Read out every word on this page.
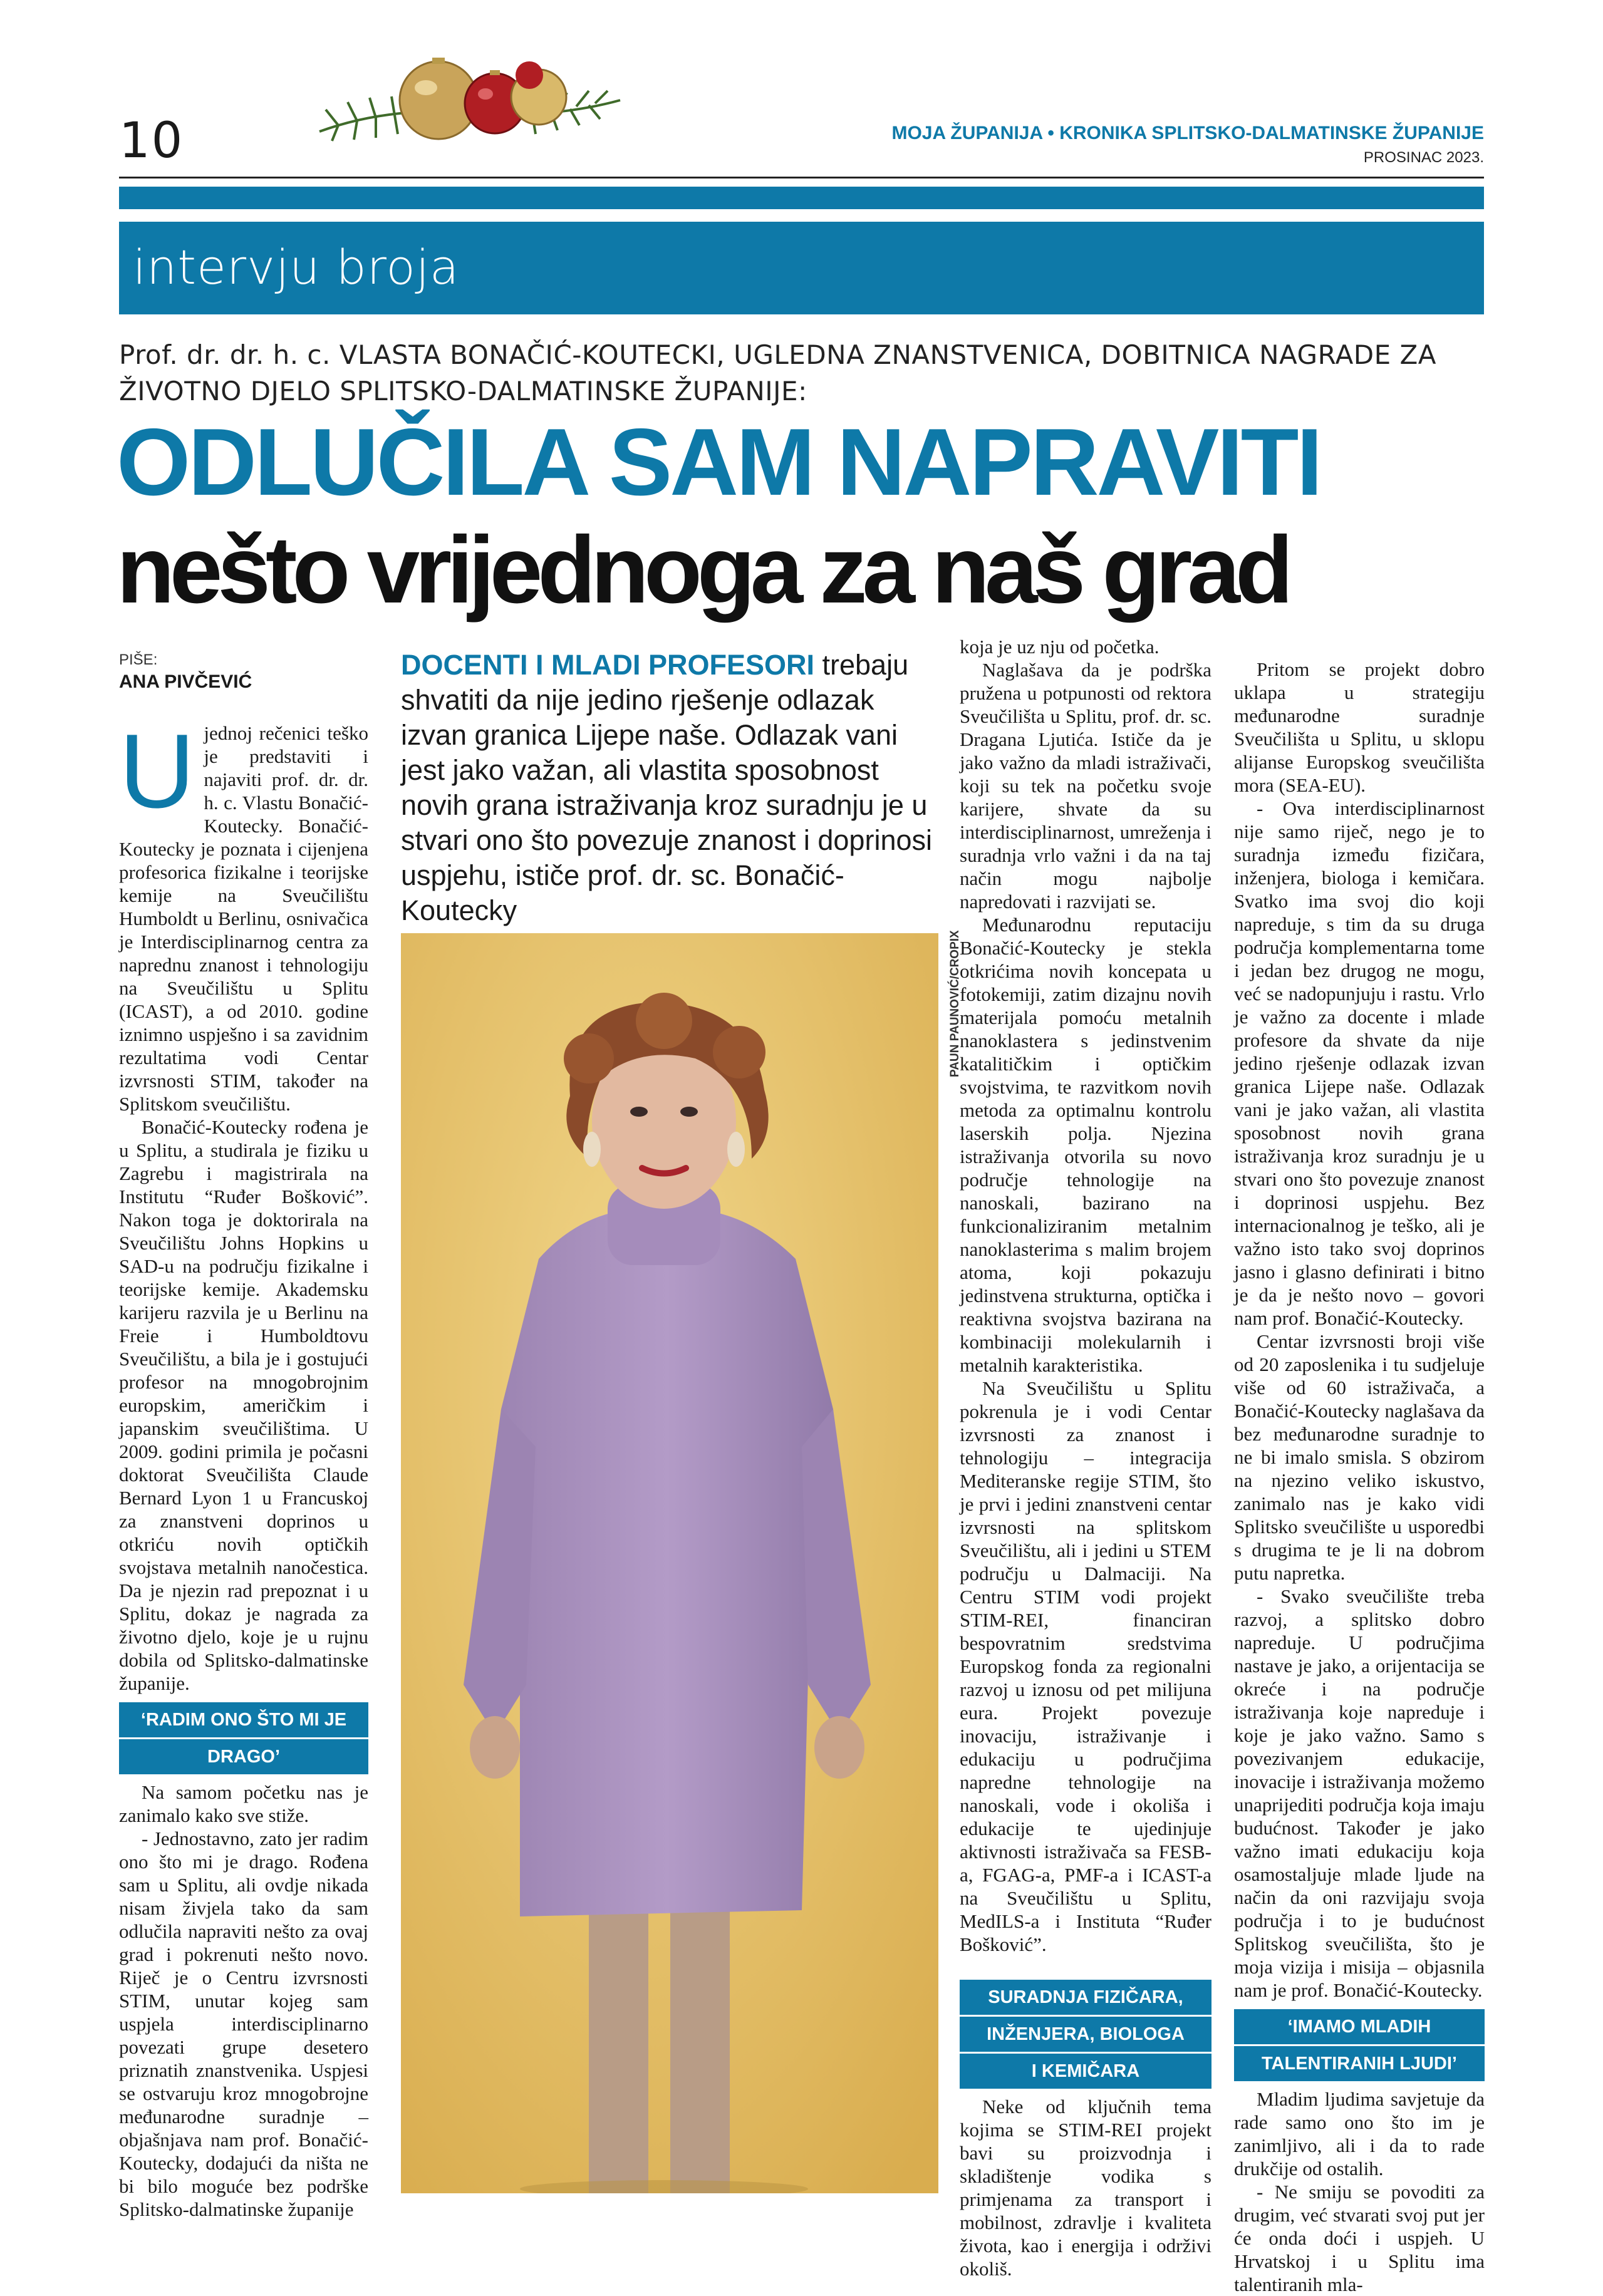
10	MOJA ŽUPANIJA • KRONIKA SPLITSKO-DALMATINSKE ŽUPANIJE
PROSINAC 2023.
intervju broja
Prof. dr. dr. h. c. VLASTA BONAČIĆ-KOUTECKI, UGLEDNA ZNANSTVENICA, DOBITNICA NAGRADE ZA ŽIVOTNO DJELO SPLITSKO-DALMATINSKE ŽUPANIJE:
ODLUČILA SAM NAPRAVITI
nešto vrijednoga za naš grad
PIŠE:
ANA PIVČEVIĆ

Ujednoj rečenici teško je predstaviti i najaviti prof. dr. dr. h. c. Vlastu Bonačić-Koutecky. Bonačić-Koutecky je poznata i cijenjena profesorica fizikalne i teorijske kemije na Sveučilištu Humboldt u Berlinu, osnivačica je Interdisciplinarnog centra za naprednu znanost i tehnologiju na Sveučilištu u Splitu (ICAST), a od 2010. godine iznimno uspješno i sa zavidnim rezultatima vodi Centar izvrsnosti STIM, također na Splitskom sveučilištu.

Bonačić-Koutecky rođena je u Splitu, a studirala je fiziku u Zagrebu i magistrirala na Institutu “Ruđer Bošković”. Nakon toga je doktorirala na Sveučilištu Johns Hopkins u SAD-u na području fizikalne i teorijske kemije. Akademsku karijeru razvila je u Berlinu na Freie i Humboldtovu Sveučilištu, a bila je i gostujući profesor na mnogobrojnim europskim, američkim i japanskim sveučilištima. U 2009. godini primila je počasni doktorat Sveučilišta Claude Bernard Lyon 1 u Francuskoj za znanstveni doprinos u otkriću novih optičkih svojstava metalnih nanočestica. Da je njezin rad prepoznat i u Splitu, dokaz je nagrada za životno djelo, koje je u rujnu dobila od Splitsko-dalmatinske županije.

‘RADIM ONO ŠTO MI JE
DRAGO’

Na samom početku nas je zanimalo kako sve stiže.

- Jednostavno, zato jer radim ono što mi je drago. Rođena sam u Splitu, ali ovdje nikada nisam živjela tako da sam odlučila napraviti nešto za ovaj grad i pokrenuti nešto novo. Riječ je o Centru izvrsnosti STIM, unutar kojeg sam uspjela interdisciplinarno povezati grupe desetero priznatih znanstvenika. Uspjesi se ostvaruju kroz mnogobrojne međunarodne suradnje – objašnjava nam prof. Bonačić-Koutecky, dodajući da ništa ne bi bilo moguće bez podrške Splitsko-dalmatinske županije

DOCENTI I MLADI PROFESORI trebaju shvatiti da nije jedino rješenje odlazak izvan granica Lijepe naše. Odlazak vani jest jako važan, ali vlastita sposobnost novih grana istraživanja kroz suradnju je u stvari ono što povezuje znanost i doprinosi uspjehu, ističe prof. dr. sc. Bonačić-Koutecky
PAUN PAUNOVIĆ/CROPIX

koja je uz nju od početka.

Naglašava da je podrška pružena u potpunosti od rektora Sveučilišta u Splitu, prof. dr. sc. Dragana Ljutića. Ističe da je jako važno da mladi istraživači, koji su tek na početku svoje karijere, shvate da su interdisciplinarnost, umreženja i suradnja vrlo važni i da na taj način mogu najbolje napredovati i razvijati se.

Međunarodnu reputaciju Bonačić-Koutecky je stekla otkrićima novih koncepata u fotokemiji, zatim dizajnu novih materijala pomoću metalnih nanoklastera s jedinstvenim katalitičkim i optičkim svojstvima, te razvitkom novih metoda za optimalnu kontrolu laserskih polja. Njezina istraživanja otvorila su novo područje tehnologije na nanoskali, bazirano na funkcionaliziranim metalnim nanoklasterima s malim brojem atoma, koji pokazuju jedinstvena strukturna, optička i reaktivna svojstva bazirana na kombinaciji molekularnih i metalnih karakteristika.

Na Sveučilištu u Splitu pokrenula je i vodi Centar izvrsnosti za znanost i tehnologiju – integracija Mediteranske regije STIM, što je prvi i jedini znanstveni centar izvrsnosti na splitskom Sveučilištu, ali i jedini u STEM području u Dalmaciji. Na Centru STIM vodi projekt STIM-REI, financiran bespovratnim sredstvima Europskog fonda za regionalni razvoj u iznosu od pet milijuna eura. Projekt povezuje inovaciju, istraživanje i edukaciju u područjima napredne tehnologije na nanoskali, vode i okoliša i edukacije te ujedinjuje aktivnosti istraživača sa FESB-a, FGAG-a, PMF-a i ICAST-a na Sveučilištu u Splitu, MedILS-a i Instituta “Ruđer Bošković”.

SURADNJA FIZIČARA,
INŽENJERA, BIOLOGA
I KEMIČARA

Neke od ključnih tema kojima se STIM-REI projekt bavi su proizvodnja i skladištenje vodika s primjenama za transport i mobilnost, zdravlje i kvaliteta života, kao i energija i održivi okoliš.

Pritom se projekt dobro uklapa u strategiju međunarodne suradnje Sveučilišta u Splitu, u sklopu alijanse Europskog sveučilišta mora (SEA-EU).

- Ova interdisciplinarnost nije samo riječ, nego je to suradnja između fizičara, inženjera, biologa i kemičara. Svatko ima svoj dio koji napreduje, s tim da su druga područja komplementarna tome i jedan bez drugog ne mogu, već se nadopunjuju i rastu. Vrlo je važno za docente i mlade profesore da shvate da nije jedino rješenje odlazak izvan granica Lijepe naše. Odlazak vani je jako važan, ali vlastita sposobnost novih grana istraživanja kroz suradnju je u stvari ono što povezuje znanost i doprinosi uspjehu. Bez internacionalnog je teško, ali je važno isto tako svoj doprinos jasno i glasno definirati i bitno je da je nešto novo – govori nam prof. Bonačić-Koutecky.

Centar izvrsnosti broji više od 20 zaposlenika i tu sudjeluje više od 60 istraživača, a Bonačić-Koutecky naglašava da bez međunarodne suradnje to ne bi imalo smisla. S obzirom na njezino veliko iskustvo, zanimalo nas je kako vidi Splitsko sveučilište u usporedbi s drugima te je li na dobrom putu napretka.

- Svako sveučilište treba razvoj, a splitsko dobro napreduje. U područjima nastave je jako, a orijentacija se okreće i na područje istraživanja koje napreduje i koje je jako važno. Samo s povezivanjem edukacije, inovacije i istraživanja možemo unaprijediti područja koja imaju budućnost. Također je jako važno imati edukaciju koja osamostaljuje mlade ljude na način da oni razvijaju svoja područja i to je budućnost Splitskog sveučilišta, što je moja vizija i misija – objasnila nam je prof. Bonačić-Koutecky.

‘IMAMO MLADIH
TALENTIRANIH LJUDI’

Mladim ljudima savjetuje da rade samo ono što im je zanimljivo, ali i da to rade drukčije od ostalih.

- Ne smiju se povoditi za drugim, već stvarati svoj put jer će onda doći i uspjeh. U Hrvatskoj i u Splitu ima talentiranih mla-
